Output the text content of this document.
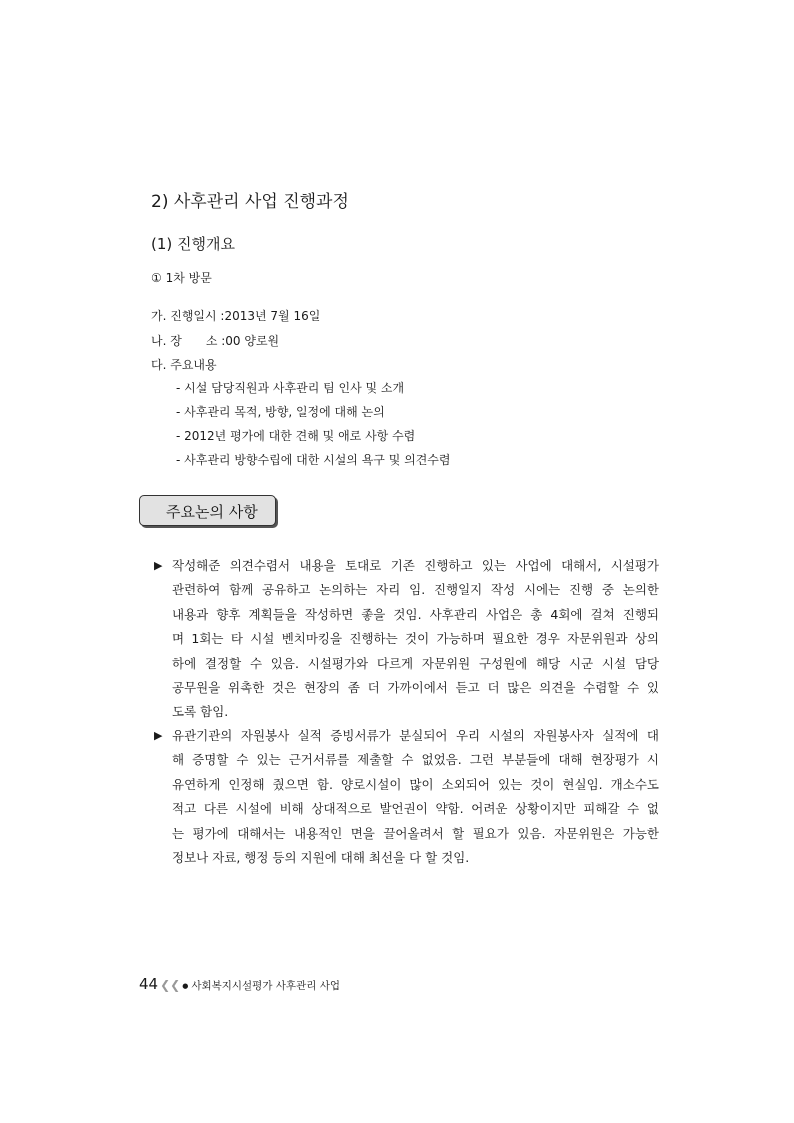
2) 사후관리 사업 진행과정
(1) 진행개요
① 1차 방문
가. 진행일시 :2013년 7월 16일
나. 장　　소 :00 양로원
다. 주요내용
- 시설 담당직원과 사후관리 팀 인사 및 소개
- 사후관리 목적, 방향, 일정에 대해 논의
- 2012년 평가에 대한 견해 및 애로 사항 수렴
- 사후관리 방향수립에 대한 시설의 욕구 및 의견수렴
주요논의 사항
▶ 작성해준 의견수렴서 내용을 토대로 기존 진행하고 있는 사업에 대해서, 시설평가
관련하여 함께 공유하고 논의하는 자리 임. 진행일지 작성 시에는 진행 중 논의한
내용과 향후 계획들을 작성하면 좋을 것임. 사후관리 사업은 총 4회에 걸쳐 진행되
며 1회는 타 시설 벤치마킹을 진행하는 것이 가능하며 필요한 경우 자문위원과 상의
하에 결정할 수 있음. 시설평가와 다르게 자문위원 구성원에 해당 시군 시설 담당
공무원을 위촉한 것은 현장의 좀 더 가까이에서 듣고 더 많은 의견을 수렴할 수 있
도록 함임.
▶ 유관기관의 자원봉사 실적 증빙서류가 분실되어 우리 시설의 자원봉사자 실적에 대
해 증명할 수 있는 근거서류를 제출할 수 없었음. 그런 부분들에 대해 현장평가 시
유연하게 인정해 줬으면 함. 양로시설이 많이 소외되어 있는 것이 현실임. 개소수도
적고 다른 시설에 비해 상대적으로 발언권이 약함. 어려운 상황이지만 피해갈 수 없
는 평가에 대해서는 내용적인 면을 끌어올려서 할 필요가 있음. 자문위원은 가능한
정보나 자료, 행정 등의 지원에 대해 최선을 다 할 것임.
44 ❮❮ ● 사회복지시설평가 사후관리 사업
